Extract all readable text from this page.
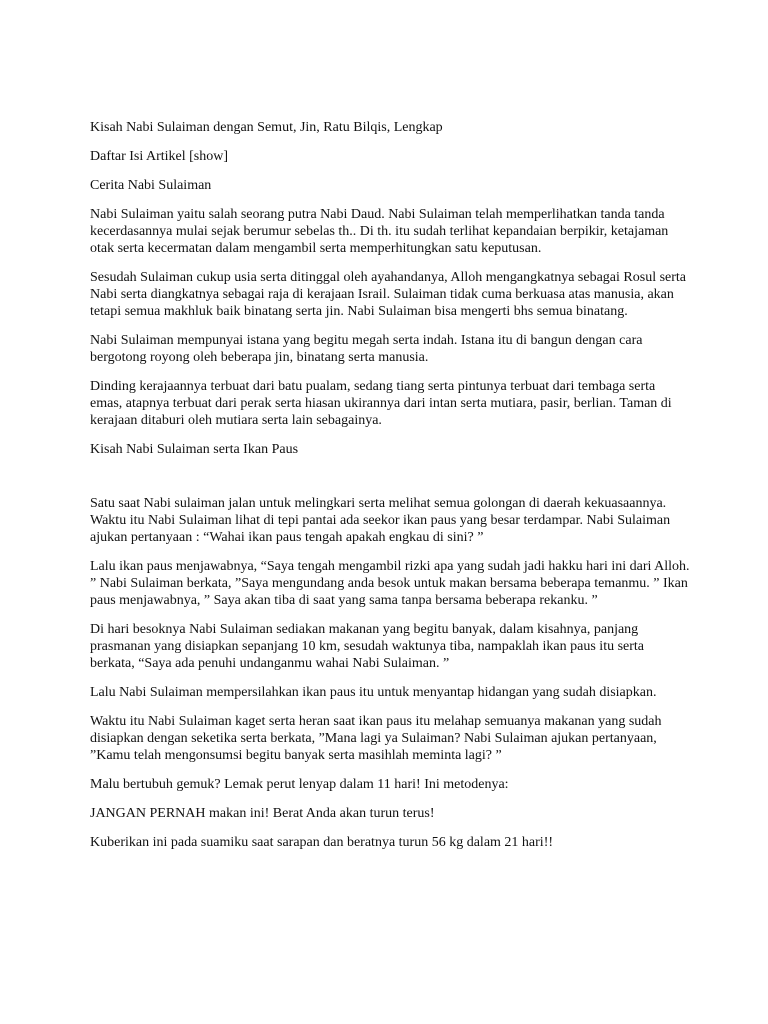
Kisah Nabi Sulaiman dengan Semut, Jin, Ratu Bilqis, Lengkap

Daftar Isi Artikel [show]

Cerita Nabi Sulaiman

Nabi Sulaiman yaitu salah seorang putra Nabi Daud. Nabi Sulaiman telah memperlihatkan tanda tanda kecerdasannya mulai sejak berumur sebelas th.. Di th. itu sudah terlihat kepandaian berpikir, ketajaman otak serta kecermatan dalam mengambil serta memperhitungkan satu keputusan.

Sesudah Sulaiman cukup usia serta ditinggal oleh ayahandanya, Alloh mengangkatnya sebagai Rosul serta Nabi serta diangkatnya sebagai raja di kerajaan Israil. Sulaiman tidak cuma berkuasa atas manusia, akan tetapi semua makhluk baik binatang serta jin. Nabi Sulaiman bisa mengerti bhs semua binatang.

Nabi Sulaiman mempunyai istana yang begitu megah serta indah. Istana itu di bangun dengan cara bergotong royong oleh beberapa jin, binatang serta manusia.

Dinding kerajaannya terbuat dari batu pualam, sedang tiang serta pintunya terbuat dari tembaga serta emas, atapnya terbuat dari perak serta hiasan ukirannya dari intan serta mutiara, pasir, berlian. Taman di kerajaan ditaburi oleh mutiara serta lain sebagainya.

Kisah Nabi Sulaiman serta Ikan Paus

Satu saat Nabi sulaiman jalan untuk melingkari serta melihat semua golongan di daerah kekuasaannya. Waktu itu Nabi Sulaiman lihat di tepi pantai ada seekor ikan paus yang besar terdampar. Nabi Sulaiman ajukan pertanyaan : “Wahai ikan paus tengah apakah engkau di sini? ”

Lalu ikan paus menjawabnya, “Saya tengah mengambil rizki apa yang sudah jadi hakku hari ini dari Alloh. ” Nabi Sulaiman berkata, ”Saya mengundang anda besok untuk makan bersama beberapa temanmu. ” Ikan paus menjawabnya, ” Saya akan tiba di saat yang sama tanpa bersama beberapa rekanku. ”

Di hari besoknya Nabi Sulaiman sediakan makanan yang begitu banyak, dalam kisahnya, panjang prasmanan yang disiapkan sepanjang 10 km, sesudah waktunya tiba, nampaklah ikan paus itu serta berkata, “Saya ada penuhi undanganmu wahai Nabi Sulaiman. ”

Lalu Nabi Sulaiman mempersilahkan ikan paus itu untuk menyantap hidangan yang sudah disiapkan.

Waktu itu Nabi Sulaiman kaget serta heran saat ikan paus itu melahap semuanya makanan yang sudah disiapkan dengan seketika serta berkata, ”Mana lagi ya Sulaiman? Nabi Sulaiman ajukan pertanyaan, ”Kamu telah mengonsumsi begitu banyak serta masihlah meminta lagi? ”

Malu bertubuh gemuk? Lemak perut lenyap dalam 11 hari! Ini metodenya:

JANGAN PERNAH makan ini! Berat Anda akan turun terus!

Kuberikan ini pada suamiku saat sarapan dan beratnya turun 56 kg dalam 21 hari!!
